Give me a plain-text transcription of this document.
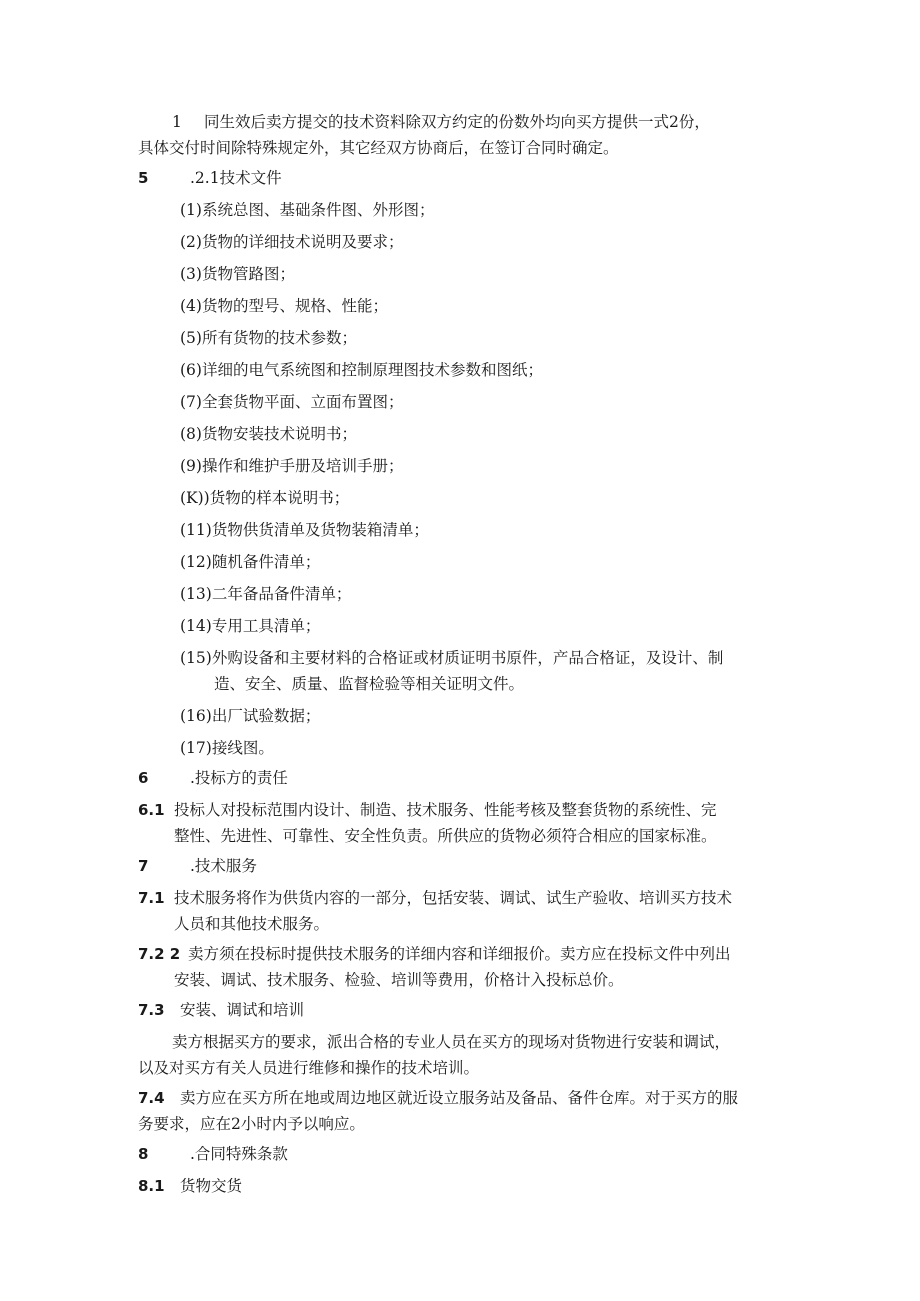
1 同生效后卖方提交的技术资料除双方约定的份数外均向买方提供一式2份，
具体交付时间除特殊规定外，其它经双方协商后，在签订合同时确定。
5	.2.1技术文件
(1)系统总图、基础条件图、外形图；
(2)货物的详细技术说明及要求；
(3)货物管路图；
(4)货物的型号、规格、性能；
(5)所有货物的技术参数；
(6)详细的电气系统图和控制原理图技术参数和图纸；
(7)全套货物平面、立面布置图；
(8)货物安装技术说明书；
(9)操作和维护手册及培训手册；
(K))货物的样本说明书；
(11)货物供货清单及货物装箱清单；
(12)随机备件清单；
(13)二年备品备件清单；
(14)专用工具清单；
(15)外购设备和主要材料的合格证或材质证明书原件，产品合格证，及设计、制
造、安全、质量、监督检验等相关证明文件。
(16)出厂试验数据；
(17)接线图。
6	.投标方的责任
6.1 投标人对投标范围内设计、制造、技术服务、性能考核及整套货物的系统性、完
整性、先进性、可靠性、安全性负责。所供应的货物必须符合相应的国家标准。
7	.技术服务
7.1 技术服务将作为供货内容的一部分，包括安装、调试、试生产验收、培训买方技术
人员和其他技术服务。
7.2 2 卖方须在投标时提供技术服务的详细内容和详细报价。卖方应在投标文件中列出
安装、调试、技术服务、检验、培训等费用，价格计入投标总价。
7.3 安装、调试和培训
卖方根据买方的要求，派出合格的专业人员在买方的现场对货物进行安装和调试，
以及对买方有关人员进行维修和操作的技术培训。
7.4 卖方应在买方所在地或周边地区就近设立服务站及备品、备件仓库。对于买方的服
务要求，应在2小时内予以响应。
8	.合同特殊条款
8.1 货物交货
